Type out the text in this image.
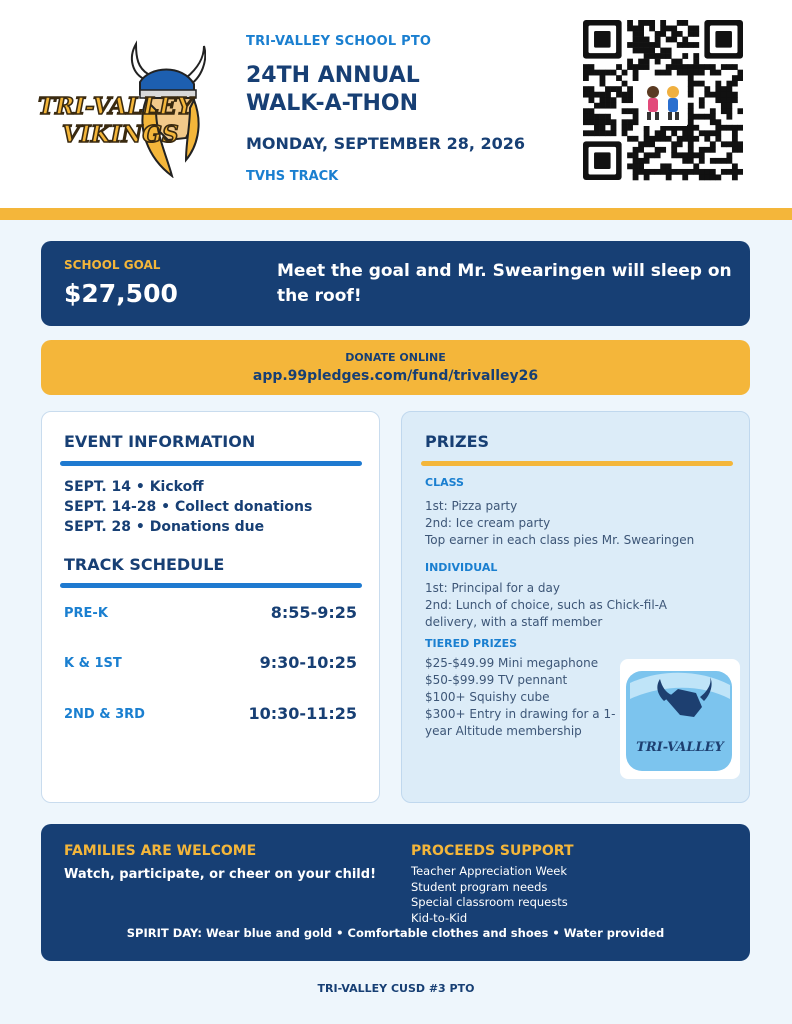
TRI-VALLEY
VIKINGS
TRI-VALLEY SCHOOL PTO
24TH ANNUAL
WALK-A-THON
MONDAY, SEPTEMBER 28, 2026
TVHS TRACK
SCHOOL GOAL
$27,500
Meet the goal and Mr. Swearingen will sleep on the roof!
DONATE ONLINE
app.99pledges.com/fund/trivalley26
EVENT INFORMATION
SEPT. 14 • Kickoff
SEPT. 14-28 • Collect donations
SEPT. 28 • Donations due
TRACK SCHEDULE
PRE-K	8:55-9:25
K & 1ST	9:30-10:25
2ND & 3RD	10:30-11:25
PRIZES
CLASS
1st: Pizza party
2nd: Ice cream party
Top earner in each class pies Mr. Swearingen
INDIVIDUAL
1st: Principal for a day
2nd: Lunch of choice, such as Chick-fil-A delivery, with a staff member
TIERED PRIZES
$25-$49.99 Mini megaphone
$50-$99.99 TV pennant
$100+ Squishy cube
$300+ Entry in drawing for a 1-year Altitude membership
TRI-VALLEY
FAMILIES ARE WELCOME
Watch, participate, or cheer on your child!
PROCEEDS SUPPORT
Teacher Appreciation Week
Student program needs
Special classroom requests
Kid-to-Kid
SPIRIT DAY: Wear blue and gold • Comfortable clothes and shoes • Water provided
TRI-VALLEY CUSD #3 PTO
